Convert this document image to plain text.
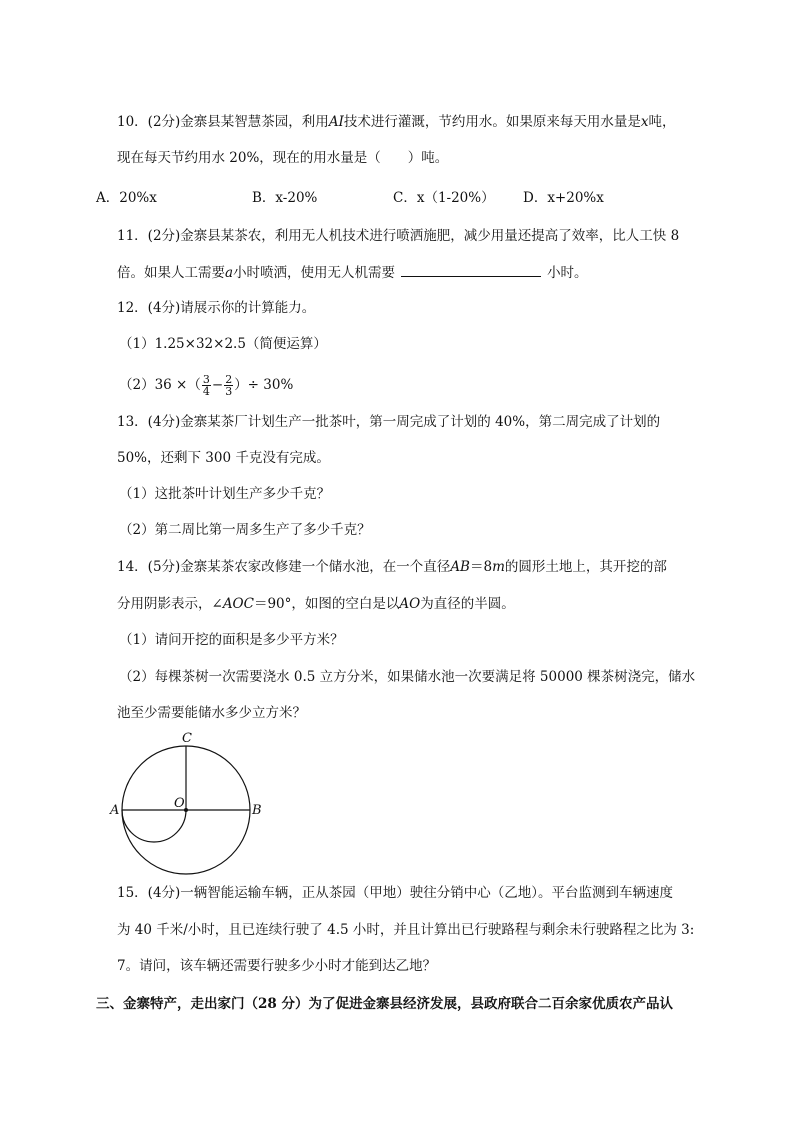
10．(2分)金寨县某智慧茶园，利用AI技术进行灌溉，节约用水。如果原来每天用水量是x吨，
现在每天节约用水 20%，现在的用水量是（　　）吨。
A．20%x	B．x-20%	C．x（1-20%） D．x+20%x
11．(2分)金寨县某茶农，利用无人机技术进行喷洒施肥，减少用量还提高了效率，比人工快 8
倍。如果人工需要a小时喷洒，使用无人机需要	小时。
12．(4分)请展示你的计算能力。
（1）1.25×32×2.5（简便运算）
（2）36 ×（ $\frac{3}{4} - \frac{2}{3}$ ）÷ 30%
13．(4分)金寨某茶厂计划生产一批茶叶，第一周完成了计划的 40%，第二周完成了计划的
50%，还剩下 300 千克没有完成。
（1）这批茶叶计划生产多少千克？
（2）第二周比第一周多生产了多少千克？
14．(5分)金寨某茶农家改修建一个储水池，在一个直径AB＝8m的圆形土地上，其开挖的部
分用阴影表示，∠AOC＝90°，如图的空白是以AO为直径的半圆。
（1）请问开挖的面积是多少平方米？
（2）每棵茶树一次需要浇水 0.5 立方分米，如果储水池一次要满足将 50000 棵茶树浇完，储水
池至少需要能储水多少立方米？
C
O
A	B
15．(4分)一辆智能运输车辆，正从茶园（甲地）驶往分销中心（乙地）。平台监测到车辆速度
为 40 千米/小时，且已连续行驶了 4.5 小时，并且计算出已行驶路程与剩余未行驶路程之比为 3:
7。请问，该车辆还需要行驶多少小时才能到达乙地？
三、金寨特产，走出家门（28 分）为了促进金寨县经济发展，县政府联合二百余家优质农产品认
